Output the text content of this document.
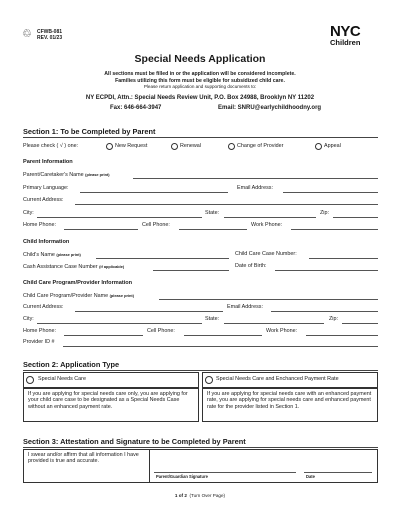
♲ CFWB-081
REV. 01/23	NYC
Children
Special Needs Application
All sections must be filled in or the application will be considered incomplete.
Families utilizing this form must be eligible for subsidized child care.
Please return application and supporting documents to:
NY ECPDI, Attn.: Special Needs Review Unit, P.O. Box 24988, Brooklyn NY 11202
Fax: 646-664-3947	Email: SNRU@earlychildhoodny.org
Section 1: To be Completed by Parent
Please check ( √ ) one:	New Request	Renewal	Change of Provider	Appeal
Parent Information
Parent/Caretaker's Name (please print)
Primary Language:	Email Address:
Current Address:
City:	State:	Zip:
Home Phone:	Cell Phone:	Work Phone:
Child Information
Child's Name (please print)	Child Care Case Number:
Cash Assistance Case Number (if applicable)	Date of Birth:
Child Care Program/Provider Information
Child Care Program/Provider Name (please print)
Current Address:	Email Address:
City:	State:	Zip:
Home Phone:	Cell Phone:	Work Phone:
Provider ID #
Section 2: Application Type
Special Needs Care	Special Needs Care and Enchanced Payment Rate
If you are applying for special needs care only, you are applying for your child care case to be designated as a Special Needs Case without an enhanced payment rate.
If you are applying for special needs care with an enhanced payment rate, you are applying for special needs care and enhanced payment rate for the provider listed in Section 1.
Section 3: Attestation and Signature to be Completed by Parent
I swear and/or affirm that all information I have provided is true and accurate.
Parent/Guardian Signature	Date
1 of 2 (Turn Over Page)
